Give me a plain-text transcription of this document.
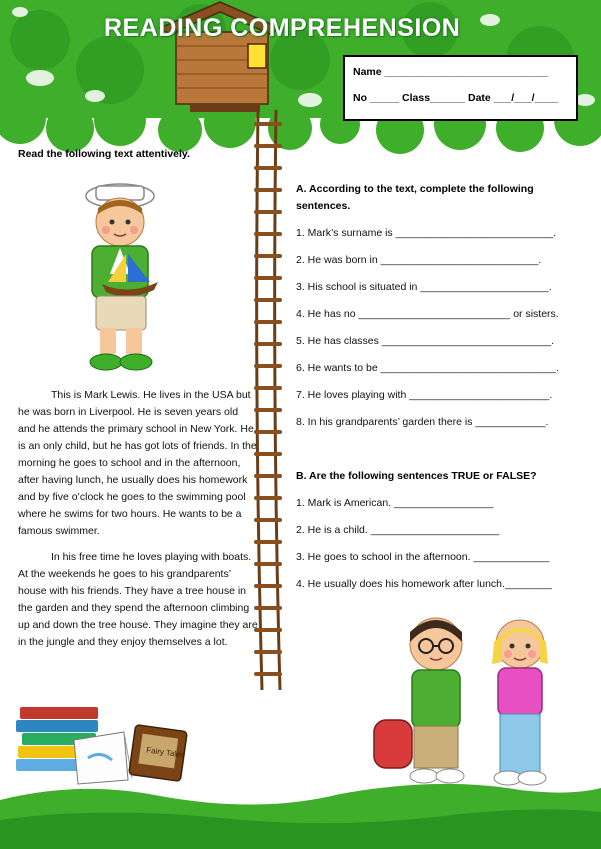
READING COMPREHENSION
Name ____________________________
No _____ Class______ Date ___/___/____
Read the following text attentively.

This is Mark Lewis. He lives in the USA but he was born in Liverpool. He is seven years old and he attends the primary school in New York. He is an only child, but he has got lots of friends. In the morning he goes to school and in the afternoon, after having lunch, he usually does his homework and by five o’clock he goes to the swimming pool where he swims for two hours. He wants to be a famous swimmer.

In his free time he loves playing with boats. At the weekends he goes to his grandparents’ house with his friends. They have a tree house in the garden and they spend the afternoon climbing up and down the tree house. They imagine they are in the jungle and they enjoy themselves a lot.

A. According to the text, complete the following sentences.

1. Mark’s surname is ___________________________.
2. He was born in ___________________________.
3. His school is situated in ______________________.
4. He has no __________________________ or sisters.
5. He has classes _____________________________.
6. He wants to be ______________________________.
7. He loves playing with ________________________.
8. In his grandparents’ garden there is ____________.

B. Are the following sentences TRUE or FALSE?

1. Mark is American. _________________
2. He is a child. ______________________
3. He goes to school in the afternoon. _____________
4. He usually does his homework after lunch.________
Fairy Tales
